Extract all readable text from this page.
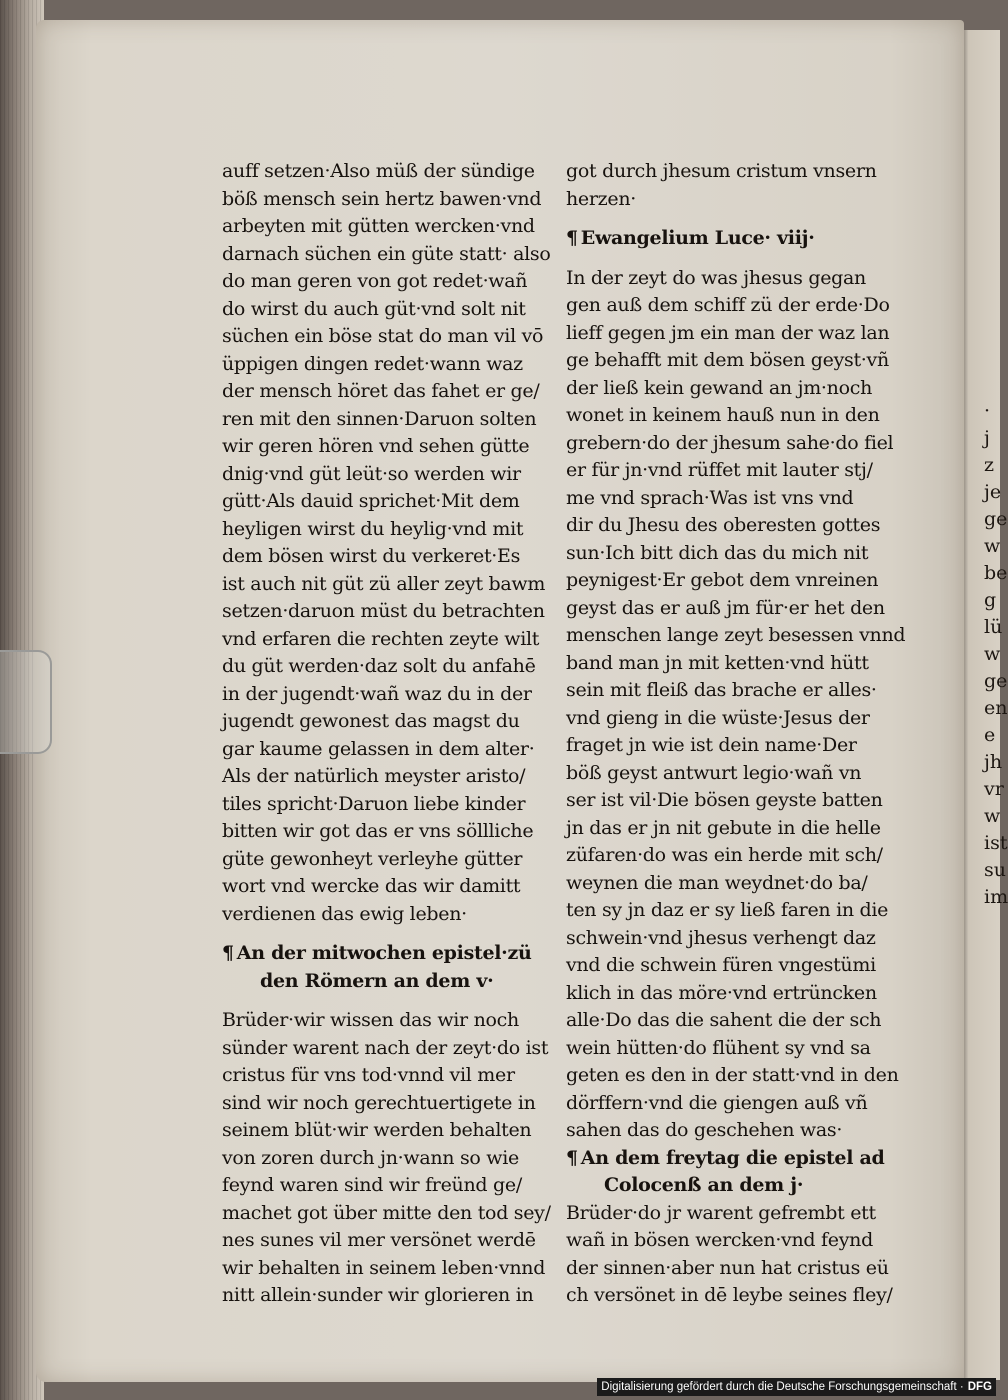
auff setzen·Also müß der sündige
böß mensch sein hertz bawen·vnd
arbeyten mit gütten wercken·vnd
darnach süchen ein güte statt· also
do man geren von got redet·wañ
do wirst du auch güt·vnd solt nit
süchen ein böse stat do man vil vō
üppigen dingen redet·wann waz
der mensch höret das fahet er ge/
ren mit den sinnen·Daruon solten
wir geren hören vnd sehen gütte
dnig·vnd güt leüt·so werden wir
gütt·Als dauid sprichet·Mit dem
heyligen wirst du heylig·vnd mit
dem bösen wirst du verkeret·Es
ist auch nit güt zü aller zeyt bawm
setzen·daruon müst du betrachten
vnd erfaren die rechten zeyte wilt
du güt werden·daz solt du anfahē
in der jugendt·wañ waz du in der
jugendt gewonest das magst du
gar kaume gelassen in dem alter·
Als der natürlich meyster aristo/
tiles spricht·Daruon liebe kinder
bitten wir got das er vns söllliche
güte gewonheyt verleyhe gütter
wort vnd wercke das wir damitt
verdienen das ewig leben·
¶ An der mitwochen epistel·zü
den Römern an dem v·
Brüder·wir wissen das wir noch
sünder warent nach der zeyt·do ist
cristus für vns tod·vnnd vil mer
sind wir noch gerechtuertigete in
seinem blüt·wir werden behalten
von zoren durch jn·wann so wie
feynd waren sind wir freünd ge/
machet got über mitte den tod sey/
nes sunes vil mer versönet werdē
wir behalten in seinem leben·vnnd
nitt allein·sunder wir glorieren in
got durch jhesum cristum vnsern
herzen·
¶ Ewangelium Luce· viij·
In der zeyt do was jhesus gegan
gen auß dem schiff zü der erde·Do
lieff gegen jm ein man der waz lan
ge behafft mit dem bösen geyst·vñ
der ließ kein gewand an jm·noch
wonet in keinem hauß nun in den
grebern·do der jhesum sahe·do fiel
er für jn·vnd rüffet mit lauter stj/
me vnd sprach·Was ist vns vnd
dir du Jhesu des oberesten gottes
sun·Ich bitt dich das du mich nit
peynigest·Er gebot dem vnreinen
geyst das er auß jm für·er het den
menschen lange zeyt besessen vnnd
band man jn mit ketten·vnd hütt
sein mit fleiß das brache er alles·
vnd gieng in die wüste·Jesus der
fraget jn wie ist dein name·Der
böß geyst antwurt legio·wañ vn
ser ist vil·Die bösen geyste batten
jn das er jn nit gebute in die helle
züfaren·do was ein herde mit sch/
weynen die man weydnet·do ba/
ten sy jn daz er sy ließ faren in die
schwein·vnd jhesus verhengt daz
vnd die schwein füren vngestümi
klich in das möre·vnd ertrüncken
alle·Do das die sahent die der sch
wein hütten·do flühent sy vnd sa
geten es den in der statt·vnd in den
dörffern·vnd die giengen auß vñ
sahen das do geschehen was·
¶ An dem freytag die epistel ad
Colocenß an dem j·
Brüder·do jr warent gefrembt ett
wañ in bösen wercken·vnd feynd
der sinnen·aber nun hat cristus eü
ch versönet in dē leybe seines fley/
·
j
z
je
ge
w
be
g
lü
w
ge
en
e
jh
vr
w
ist
su
im
Digitalisierung gefördert durch die Deutsche Forschungsgemeinschaft · DFG
